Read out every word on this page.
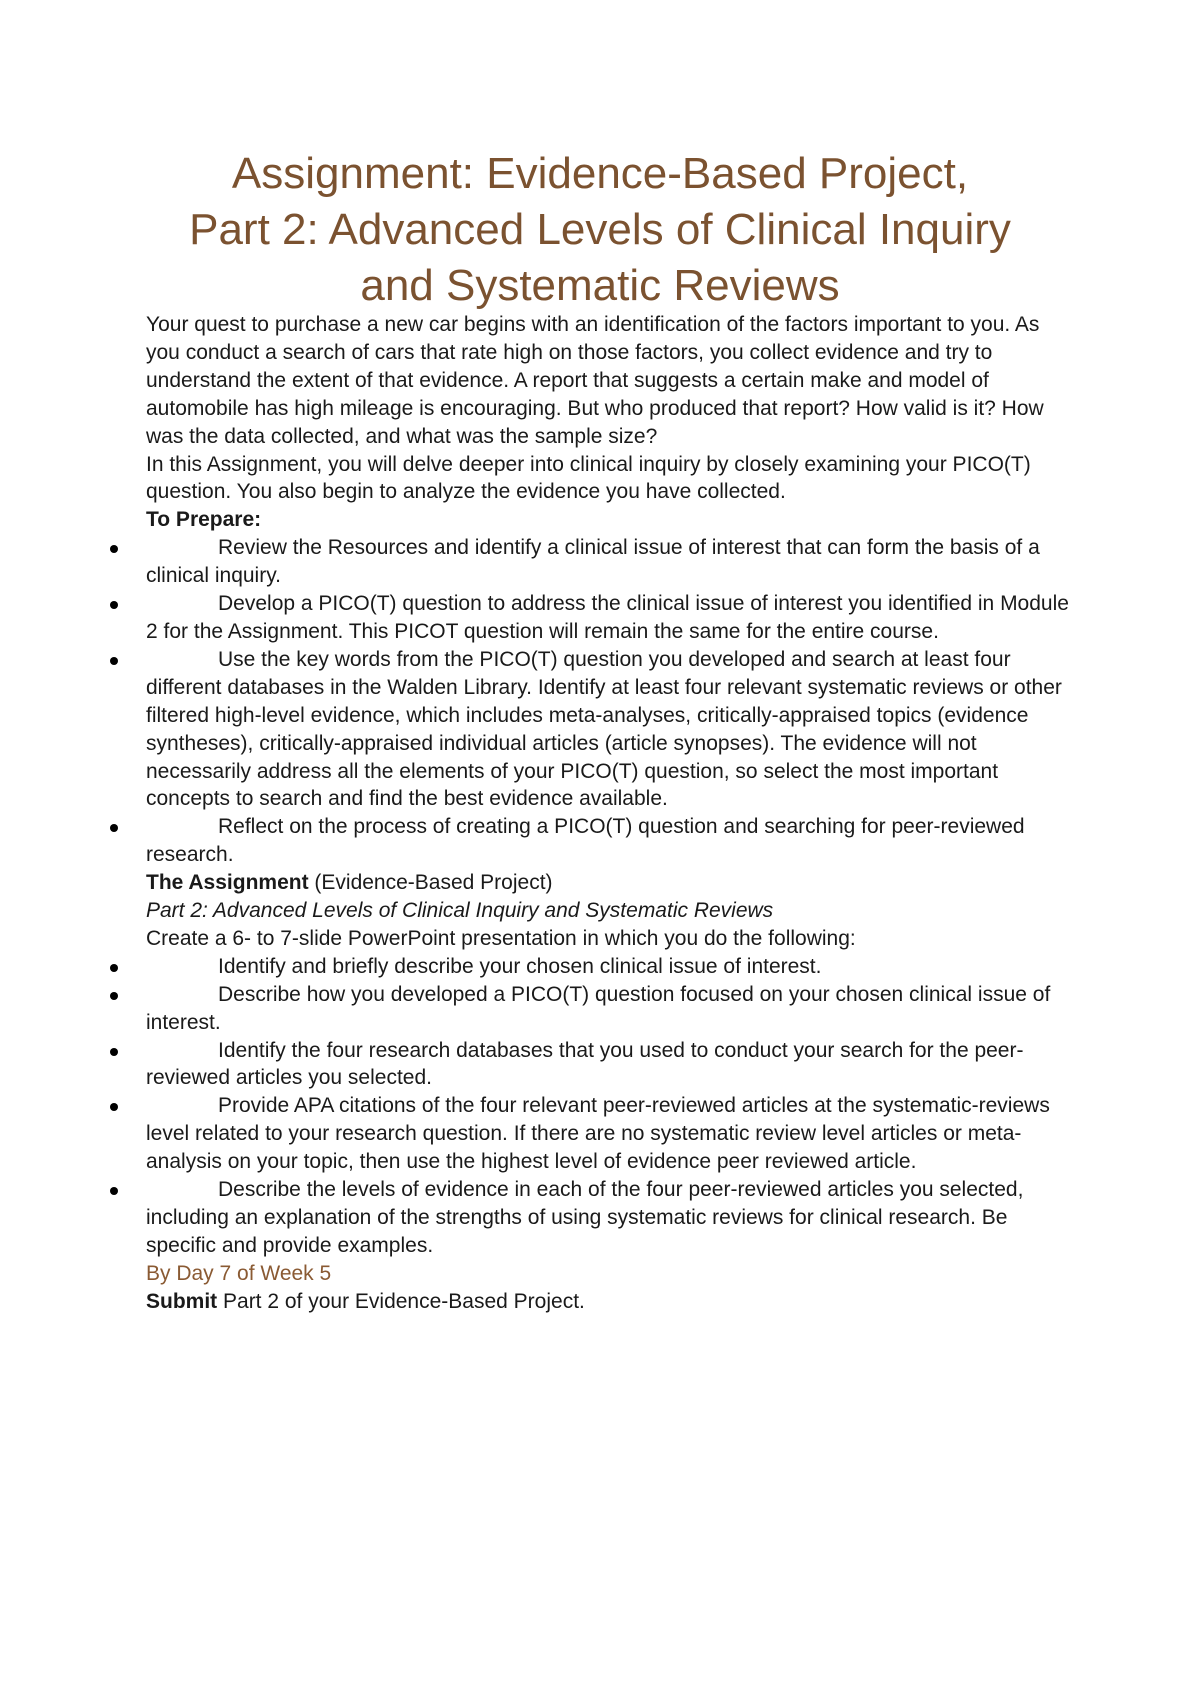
Assignment: Evidence-Based Project,
Part 2: Advanced Levels of Clinical Inquiry
and Systematic Reviews

Your quest to purchase a new car begins with an identification of the factors important to you. As you conduct a search of cars that rate high on those factors, you collect evidence and try to understand the extent of that evidence. A report that suggests a certain make and model of automobile has high mileage is encouraging. But who produced that report? How valid is it? How was the data collected, and what was the sample size?

In this Assignment, you will delve deeper into clinical inquiry by closely examining your PICO(T) question. You also begin to analyze the evidence you have collected.

To Prepare:

Review the Resources and identify a clinical issue of interest that can form the basis of a clinical inquiry.
Develop a PICO(T) question to address the clinical issue of interest you identified in Module 2 for the Assignment. This PICOT question will remain the same for the entire course.
Use the key words from the PICO(T) question you developed and search at least four different databases in the Walden Library. Identify at least four relevant systematic reviews or other filtered high-level evidence, which includes meta-analyses, critically-appraised topics (evidence syntheses), critically-appraised individual articles (article synopses). The evidence will not necessarily address all the elements of your PICO(T) question, so select the most important concepts to search and find the best evidence available.
Reflect on the process of creating a PICO(T) question and searching for peer-reviewed research.

The Assignment (Evidence-Based Project)

Part 2: Advanced Levels of Clinical Inquiry and Systematic Reviews

Create a 6- to 7-slide PowerPoint presentation in which you do the following:

Identify and briefly describe your chosen clinical issue of interest.
Describe how you developed a PICO(T) question focused on your chosen clinical issue of interest.
Identify the four research databases that you used to conduct your search for the peer-reviewed articles you selected.
Provide APA citations of the four relevant peer-reviewed articles at the systematic-reviews level related to your research question. If there are no systematic review level articles or meta-analysis on your topic, then use the highest level of evidence peer reviewed article.
Describe the levels of evidence in each of the four peer-reviewed articles you selected, including an explanation of the strengths of using systematic reviews for clinical research. Be specific and provide examples.

By Day 7 of Week 5

Submit Part 2 of your Evidence-Based Project.
